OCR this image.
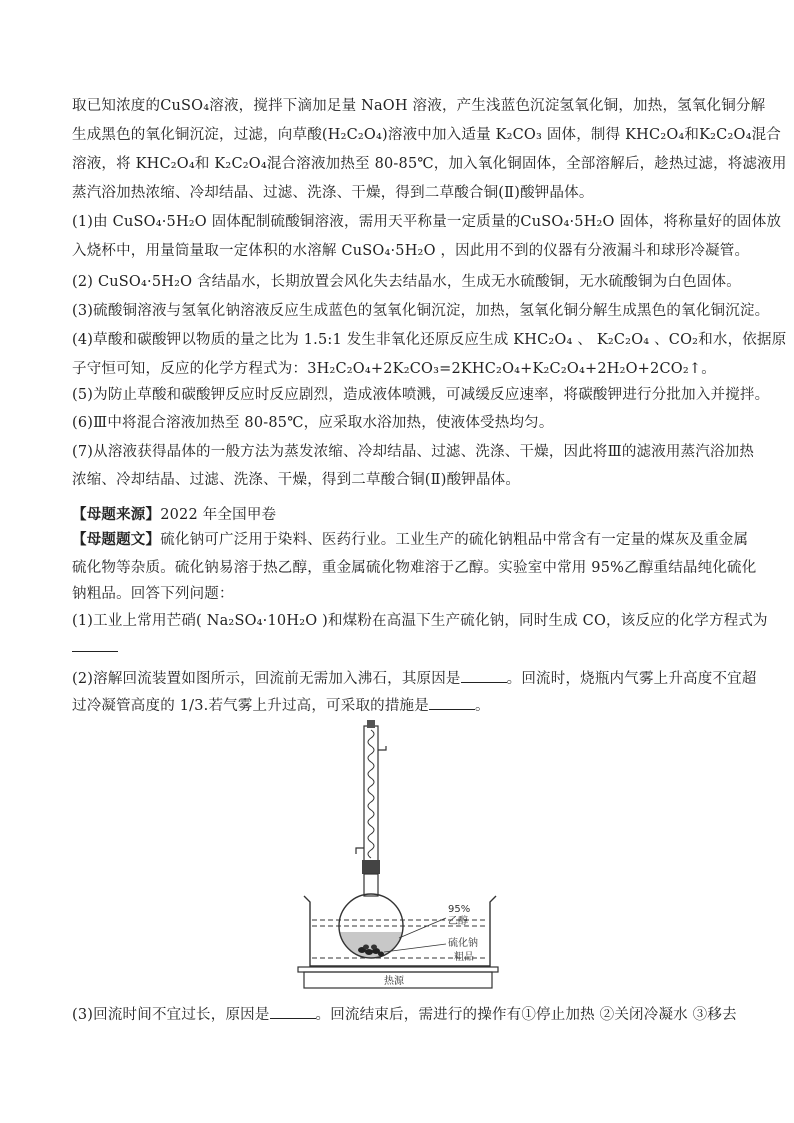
取已知浓度的CuSO₄溶液，搅拌下滴加足量 NaOH 溶液，产生浅蓝色沉淀氢氧化铜，加热，氢氧化铜分解
生成黑色的氧化铜沉淀，过滤，向草酸(H₂C₂O₄)溶液中加入适量 K₂CO₃ 固体，制得 KHC₂O₄和K₂C₂O₄混合
溶液，将 KHC₂O₄和 K₂C₂O₄混合溶液加热至 80-85℃，加入氧化铜固体，全部溶解后，趁热过滤，将滤液用
蒸汽浴加热浓缩、冷却结晶、过滤、洗涤、干燥，得到二草酸合铜(Ⅱ)酸钾晶体。
(1)由 CuSO₄·5H₂O 固体配制硫酸铜溶液，需用天平称量一定质量的CuSO₄·5H₂O 固体，将称量好的固体放
入烧杯中，用量筒量取一定体积的水溶解 CuSO₄·5H₂O ，因此用不到的仪器有分液漏斗和球形冷凝管。
(2) CuSO₄·5H₂O 含结晶水，长期放置会风化失去结晶水，生成无水硫酸铜，无水硫酸铜为白色固体。
(3)硫酸铜溶液与氢氧化钠溶液反应生成蓝色的氢氧化铜沉淀，加热，氢氧化铜分解生成黑色的氧化铜沉淀。
(4)草酸和碳酸钾以物质的量之比为 1.5:1 发生非氧化还原反应生成 KHC₂O₄ 、 K₂C₂O₄ 、CO₂和水，依据原
子守恒可知，反应的化学方程式为：3H₂C₂O₄+2K₂CO₃=2KHC₂O₄+K₂C₂O₄+2H₂O+2CO₂↑。
(5)为防止草酸和碳酸钾反应时反应剧烈，造成液体喷溅，可减缓反应速率，将碳酸钾进行分批加入并搅拌。
(6)Ⅲ中将混合溶液加热至 80-85℃，应采取水浴加热，使液体受热均匀。
(7)从溶液获得晶体的一般方法为蒸发浓缩、冷却结晶、过滤、洗涤、干燥，因此将Ⅲ的滤液用蒸汽浴加热
浓缩、冷却结晶、过滤、洗涤、干燥，得到二草酸合铜(Ⅱ)酸钾晶体。
【母题来源】2022 年全国甲卷
【母题题文】硫化钠可广泛用于染料、医药行业。工业生产的硫化钠粗品中常含有一定量的煤灰及重金属
硫化物等杂质。硫化钠易溶于热乙醇，重金属硫化物难溶于乙醇。实验室中常用 95%乙醇重结晶纯化硫化
钠粗品。回答下列问题：
(1)工业上常用芒硝( Na₂SO₄·10H₂O )和煤粉在高温下生产硫化钠，同时生成 CO，该反应的化学方程式为
(2)溶解回流装置如图所示，回流前无需加入沸石，其原因是	。回流时，烧瓶内气雾上升高度不宜超
过冷凝管高度的 1/3.若气雾上升过高，可采取的措施是	。
95%
乙醇
硫化钠
粗品
热源
(3)回流时间不宜过长，原因是	。回流结束后，需进行的操作有①停止加热 ②关闭冷凝水 ③移去
